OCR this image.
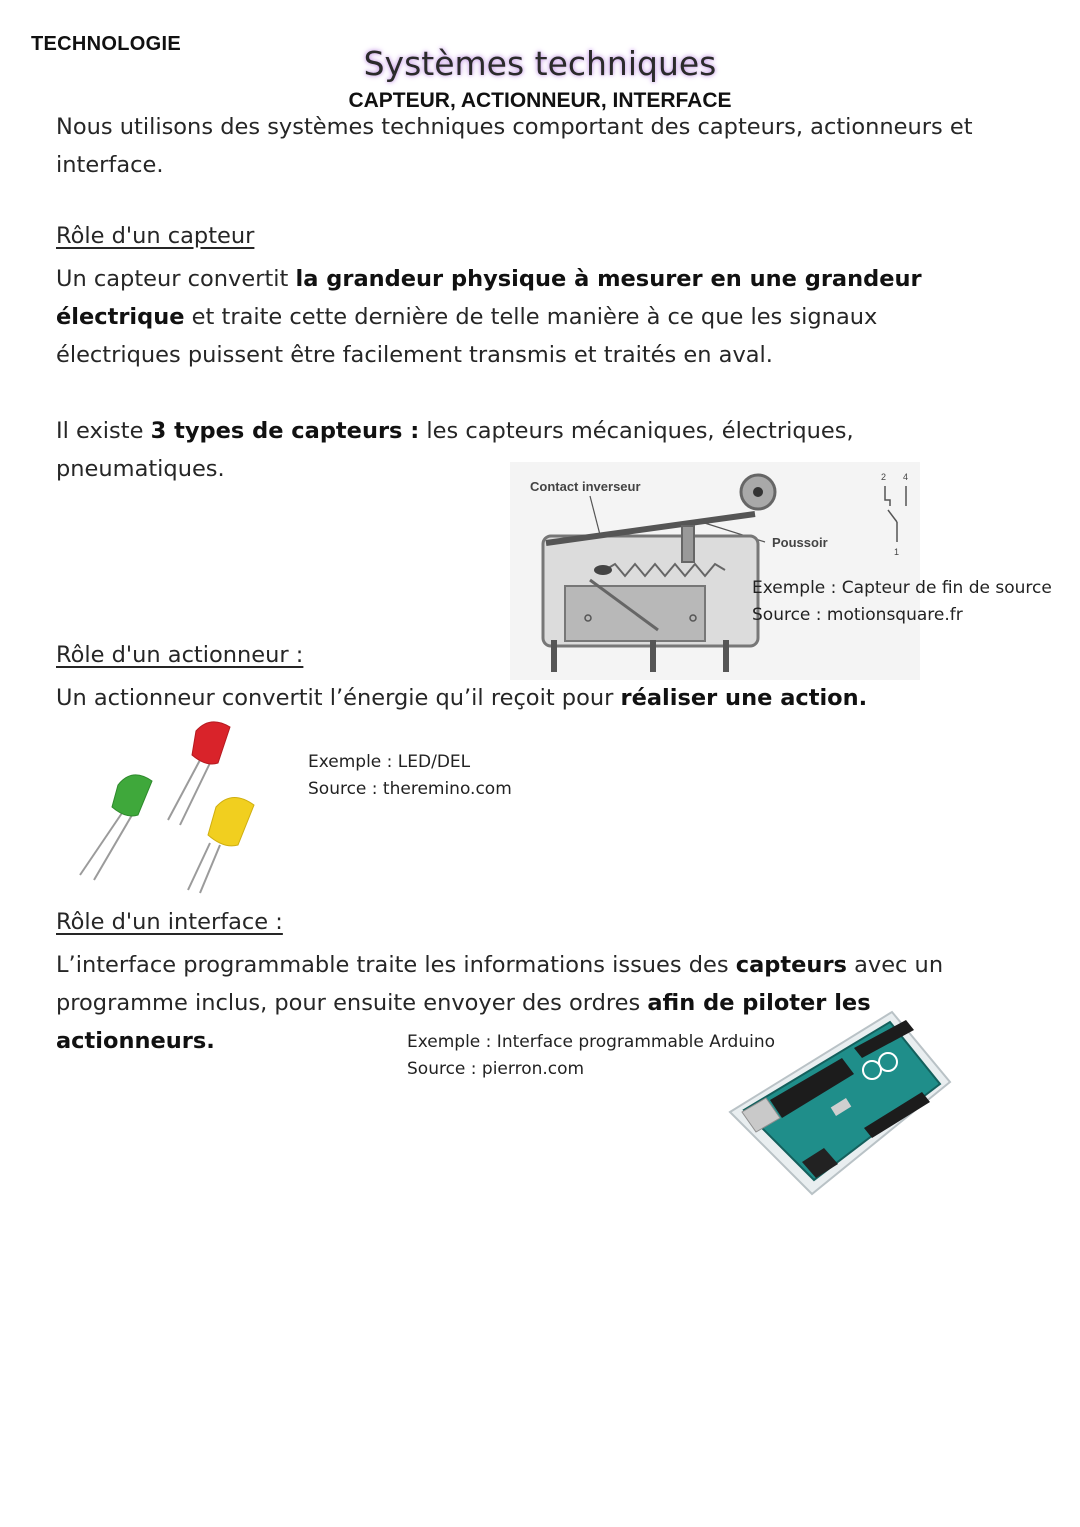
TECHNOLOGIE	Systèmes techniques
CAPTEUR, ACTIONNEUR, INTERFACE
Nous utilisons des systèmes techniques comportant des capteurs, actionneurs et interface.
Rôle d'un capteur
Un capteur convertit la grandeur physique à mesurer en une grandeur électrique et traite cette dernière de telle manière à ce que les signaux électriques puissent être facilement transmis et traités en aval.
Il existe 3 types de capteurs : les capteurs mécaniques, électriques, pneumatiques.
Contact inverseur
Poussoir
2 4
1
Exemple : Capteur de fin de source
Source : motionsquare.fr
Rôle d'un actionneur :
Un actionneur convertit l’énergie qu’il reçoit pour réaliser une action.
Exemple : LED/DEL
Source : theremino.com
Rôle d'un interface :
L’interface programmable traite les informations issues des capteurs avec un programme inclus, pour ensuite envoyer des ordres afin de piloter les actionneurs.	Exemple : Interface programmable Arduino
Source : pierron.com
